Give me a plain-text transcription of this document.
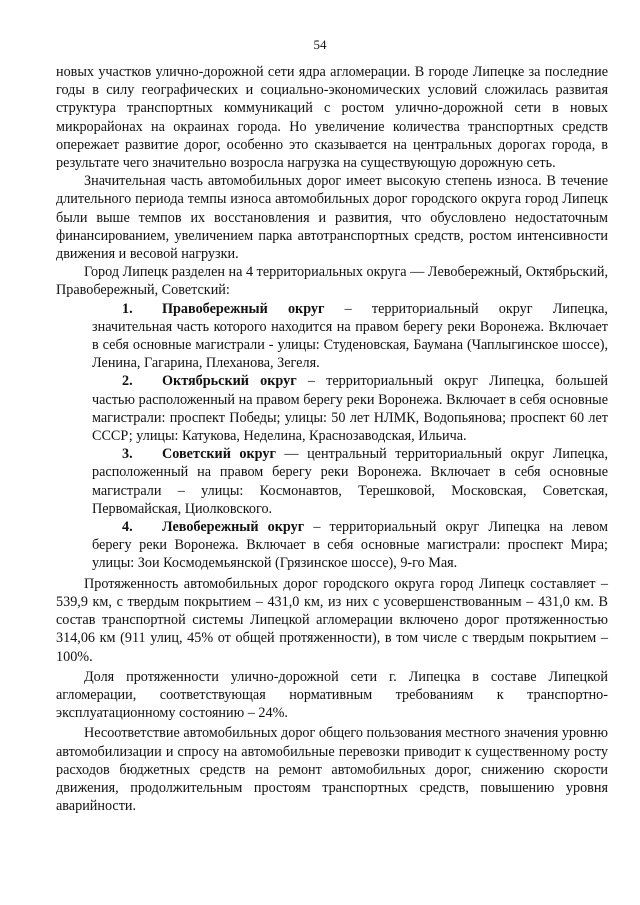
54

новых участков улично-дорожной сети ядра агломерации. В городе Липецке за последние годы в силу географических и социально-экономических условий сложилась развитая структура транспортных коммуникаций с ростом улично-дорожной сети в новых микрорайонах на окраинах города. Но увеличение количества транспортных средств опережает развитие дорог, особенно это сказывается на центральных дорогах города, в результате чего значительно возросла нагрузка на существующую дорожную сеть.

Значительная часть автомобильных дорог имеет высокую степень износа. В течение длительного периода темпы износа автомобильных дорог городского округа город Липецк были выше темпов их восстановления и развития, что обусловлено недостаточным финансированием, увеличением парка автотранспортных средств, ростом интенсивности движения и весовой нагрузки.

Город Липецк разделен на 4 территориальных округа — Левобережный, Октябрьский, Правобережный, Советский:

1. Правобережный округ – территориальный округ Липецка, значительная часть которого находится на правом берегу реки Воронежа. Включает в себя основные магистрали - улицы: Студеновская, Баумана (Чаплыгинское шоссе), Ленина, Гагарина, Плеханова, Зегеля.

2. Октябрьский округ – территориальный округ Липецка, большей частью расположенный на правом берегу реки Воронежа. Включает в себя основные магистрали: проспект Победы; улицы: 50 лет НЛМК, Водопьянова; проспект 60 лет СССР; улицы: Катукова, Неделина, Краснозаводская, Ильича.

3. Советский округ — центральный территориальный округ Липецка, расположенный на правом берегу реки Воронежа. Включает в себя основные магистрали – улицы: Космонавтов, Терешковой, Московская, Советская, Первомайская, Циолковского.

4. Левобережный округ – территориальный округ Липецка на левом берегу реки Воронежа. Включает в себя основные магистрали: проспект Мира; улицы: Зои Космодемьянской (Грязинское шоссе), 9-го Мая.

Протяженность автомобильных дорог городского округа город Липецк составляет – 539,9 км, с твердым покрытием – 431,0 км, из них с усовершенствованным – 431,0 км. В состав транспортной системы Липецкой агломерации включено дорог протяженностью 314,06 км (911 улиц, 45% от общей протяженности), в том числе с твердым покрытием – 100%.

Доля протяженности улично-дорожной сети г. Липецка в составе Липецкой агломерации, соответствующая нормативным требованиям к транспортно-эксплуатационному состоянию – 24%.

Несоответствие автомобильных дорог общего пользования местного значения уровню автомобилизации и спросу на автомобильные перевозки приводит к существенному росту расходов бюджетных средств на ремонт автомобильных дорог, снижению скорости движения, продолжительным простоям транспортных средств, повышению уровня аварийности.
